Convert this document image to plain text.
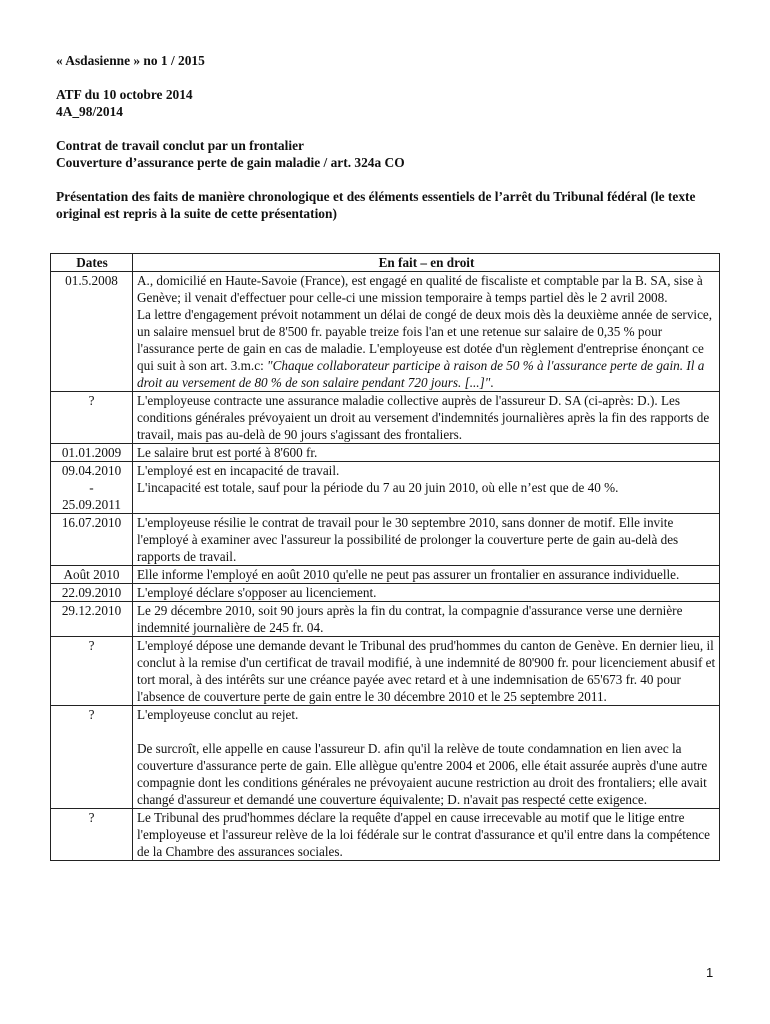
« Asdasienne » no 1 / 2015

ATF du 10 octobre 2014

4A_98/2014

Contrat de travail conclut par un frontalier

Couverture d’assurance perte de gain maladie / art. 324a CO

Présentation des faits de manière chronologique et des éléments essentiels de l’arrêt du Tribunal fédéral (le texte original est repris à la suite de cette présentation)

Dates	En fait – en droit
01.5.2008	A., domicilié en Haute-Savoie (France), est engagé en qualité de fiscaliste et comptable par la B. SA, sise à Genève; il venait d'effectuer pour celle-ci une mission temporaire à temps partiel dès le 2 avril 2008.
La lettre d'engagement prévoit notamment un délai de congé de deux mois dès la deuxième année de service, un salaire mensuel brut de 8'500 fr. payable treize fois l'an et une retenue sur salaire de 0,35 % pour l'assurance perte de gain en cas de maladie. L'employeuse est dotée d'un règlement d'entreprise énonçant ce qui suit à son art. 3.m.c: "Chaque collaborateur participe à raison de 50 % à l'assurance perte de gain. Il a droit au versement de 80 % de son salaire pendant 720 jours. [...]".

?	L'employeuse contracte une assurance maladie collective auprès de l'assureur D. SA (ci-après: D.). Les conditions générales prévoyaient un droit au versement d'indemnités journalières après la fin des rapports de travail, mais pas au-delà de 90 jours s'agissant des frontaliers.

01.01.2009	Le salaire brut est porté à 8'600 fr.

09.04.2010
-
25.09.2011	L'employé est en incapacité de travail.
L'incapacité est totale, sauf pour la période du 7 au 20 juin 2010, où elle n’est que de 40 %.

16.07.2010	L'employeuse résilie le contrat de travail pour le 30 septembre 2010, sans donner de motif. Elle invite l'employé à examiner avec l'assureur la possibilité de prolonger la couverture perte de gain au-delà des rapports de travail.

Août 2010	Elle informe l'employé en août 2010 qu'elle ne peut pas assurer un frontalier en assurance individuelle.

22.09.2010	L'employé déclare s'opposer au licenciement.

29.12.2010	Le 29 décembre 2010, soit 90 jours après la fin du contrat, la compagnie d'assurance verse une dernière indemnité journalière de 245 fr. 04.

?	L'employé dépose une demande devant le Tribunal des prud'hommes du canton de Genève. En dernier lieu, il conclut à la remise d'un certificat de travail modifié, à une indemnité de 80'900 fr. pour licenciement abusif et tort moral, à des intérêts sur une créance payée avec retard et à une indemnisation de 65'673 fr. 40 pour l'absence de couverture perte de gain entre le 30 décembre 2010 et le 25 septembre 2011.

?	L'employeuse conclut au rejet.
De surcroît, elle appelle en cause l'assureur D. afin qu'il la relève de toute condamnation en lien avec la couverture d'assurance perte de gain. Elle allègue qu'entre 2004 et 2006, elle était assurée auprès d'une autre compagnie dont les conditions générales ne prévoyaient aucune restriction au droit des frontaliers; elle avait changé d'assureur et demandé une couverture équivalente; D. n'avait pas respecté cette exigence.

?	Le Tribunal des prud'hommes déclare la requête d'appel en cause irrecevable au motif que le litige entre l'employeuse et l'assureur relève de la loi fédérale sur le contrat d'assurance et qu'il entre dans la compétence de la Chambre des assurances sociales.
1
